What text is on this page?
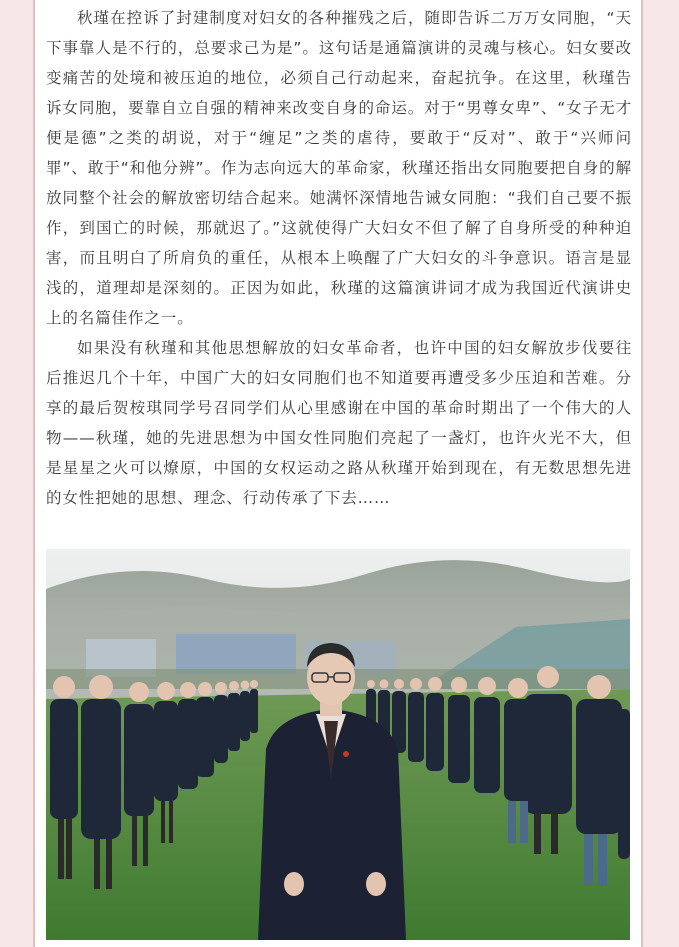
秋瑾在控诉了封建制度对妇女的各种摧残之后，随即告诉二万万女同胞，“天下事靠人是不行的，总要求己为是”。这句话是通篇演讲的灵魂与核心。妇女要改变痛苦的处境和被压迫的地位，必须自己行动起来，奋起抗争。在这里，秋瑾告诉女同胞，要靠自立自强的精神来改变自身的命运。对于“男尊女卑”、“女子无才便是德”之类的胡说，对于“缠足”之类的虐待，要敢于“反对”、敢于“兴师问罪”、敢于“和他分辨”。作为志向远大的革命家，秋瑾还指出女同胞要把自身的解放同整个社会的解放密切结合起来。她满怀深情地告诫女同胞：“我们自己要不振作，到国亡的时候，那就迟了。”这就使得广大妇女不但了解了自身所受的种种迫害，而且明白了所肩负的重任，从根本上唤醒了广大妇女的斗争意识。语言是显浅的，道理却是深刻的。正因为如此，秋瑾的这篇演讲词才成为我国近代演讲史上的名篇佳作之一。

如果没有秋瑾和其他思想解放的妇女革命者，也许中国的妇女解放步伐要往后推迟几个十年，中国广大的妇女同胞们也不知道要再遭受多少压迫和苦难。分享的最后贺桉琪同学号召同学们从心里感谢在中国的革命时期出了一个伟大的人物——秋瑾，她的先进思想为中国女性同胞们亮起了一盏灯，也许火光不大，但是星星之火可以燎原，中国的女权运动之路从秋瑾开始到现在，有无数思想先进的女性把她的思想、理念、行动传承了下去……
